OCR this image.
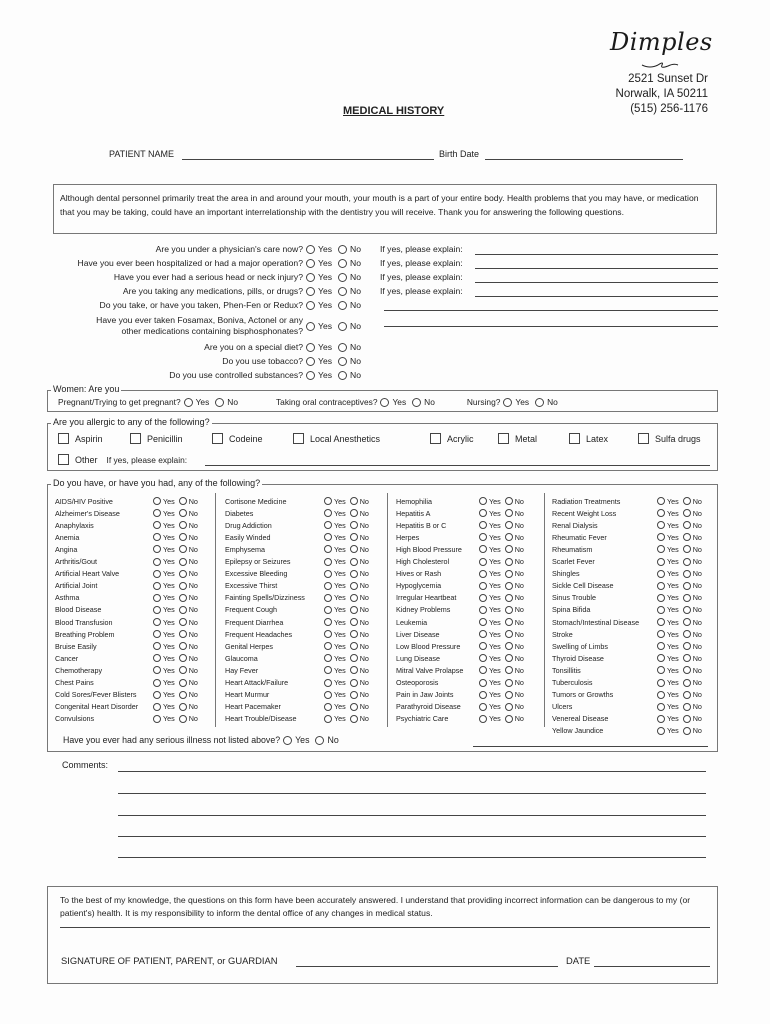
Dimples
2521 Sunset Dr
Norwalk, IA 50211
(515) 256-1176
MEDICAL HISTORY
PATIENT NAME	Birth Date
Although dental personnel primarily treat the area in and around your mouth, your mouth is a part of your entire body. Health problems that you may have, or medication that you may be taking, could have an important interrelationship with the dentistry you will receive. Thank you for answering the following questions.
Are you under a physician's care now? Yes No If yes, please explain:
Have you ever been hospitalized or had a major operation? Yes No If yes, please explain:
Have you ever had a serious head or neck injury? Yes No If yes, please explain:
Are you taking any medications, pills, or drugs? Yes No If yes, please explain:
Do you take, or have you taken, Phen-Fen or Redux? Yes No
Have you ever taken Fosamax, Boniva, Actonel or any
other medications containing bisphosphonates? Yes No
Are you on a special diet? Yes No
Do you use tobacco? Yes No
Do you use controlled substances? Yes No
Women: Are you
Pregnant/Trying to get pregnant? Yes No	Taking oral contraceptives? Yes No	Nursing? Yes No
Are you allergic to any of the following?
Aspirin	Penicillin	Codeine	Local Anesthetics	Acrylic	Metal	Latex	Sulfa drugs
Other If yes, please explain:
Do you have, or have you had, any of the following?
AIDS/HIV Positive	Yes No
Alzheimer's Disease	Yes No
Anaphylaxis	Yes No
Anemia	Yes No
Angina	Yes No
Arthritis/Gout	Yes No
Artificial Heart Valve	Yes No
Artificial Joint	Yes No
Asthma	Yes No
Blood Disease	Yes No
Blood Transfusion	Yes No
Breathing Problem	Yes No
Bruise Easily	Yes No
Cancer	Yes No
Chemotherapy	Yes No
Chest Pains	Yes No
Cold Sores/Fever Blisters	Yes No
Congenital Heart Disorder	Yes No
Convulsions	Yes No
Cortisone Medicine	Yes No
Diabetes	Yes No
Drug Addiction	Yes No
Easily Winded	Yes No
Emphysema	Yes No
Epilepsy or Seizures	Yes No
Excessive Bleeding	Yes No
Excessive Thirst	Yes No
Fainting Spells/Dizziness	Yes No
Frequent Cough	Yes No
Frequent Diarrhea	Yes No
Frequent Headaches	Yes No
Genital Herpes	Yes No
Glaucoma	Yes No
Hay Fever	Yes No
Heart Attack/Failure	Yes No
Heart Murmur	Yes No
Heart Pacemaker	Yes No
Heart Trouble/Disease	Yes No
Hemophilia	Yes No
Hepatitis A	Yes No
Hepatitis B or C	Yes No
Herpes	Yes No
High Blood Pressure	Yes No
High Cholesterol	Yes No
Hives or Rash	Yes No
Hypoglycemia	Yes No
Irregular Heartbeat	Yes No
Kidney Problems	Yes No
Leukemia	Yes No
Liver Disease	Yes No
Low Blood Pressure	Yes No
Lung Disease	Yes No
Mitral Valve Prolapse	Yes No
Osteoporosis	Yes No
Pain in Jaw Joints	Yes No
Parathyroid Disease	Yes No
Psychiatric Care	Yes No
Radiation Treatments	Yes No
Recent Weight Loss	Yes No
Renal Dialysis	Yes No
Rheumatic Fever	Yes No
Rheumatism	Yes No
Scarlet Fever	Yes No
Shingles	Yes No
Sickle Cell Disease	Yes No
Sinus Trouble	Yes No
Spina Bifida	Yes No
Stomach/Intestinal Disease	Yes No
Stroke	Yes No
Swelling of Limbs	Yes No
Thyroid Disease	Yes No
Tonsillitis	Yes No
Tuberculosis	Yes No
Tumors or Growths	Yes No
Ulcers	Yes No
Venereal Disease	Yes No
Yellow Jaundice	Yes No
Have you ever had any serious illness not listed above? Yes No
Comments:
To the best of my knowledge, the questions on this form have been accurately answered. I understand that providing incorrect information can be dangerous to my (or patient's) health. It is my responsibility to inform the dental office of any changes in medical status.
SIGNATURE OF PATIENT, PARENT, or GUARDIAN	DATE
